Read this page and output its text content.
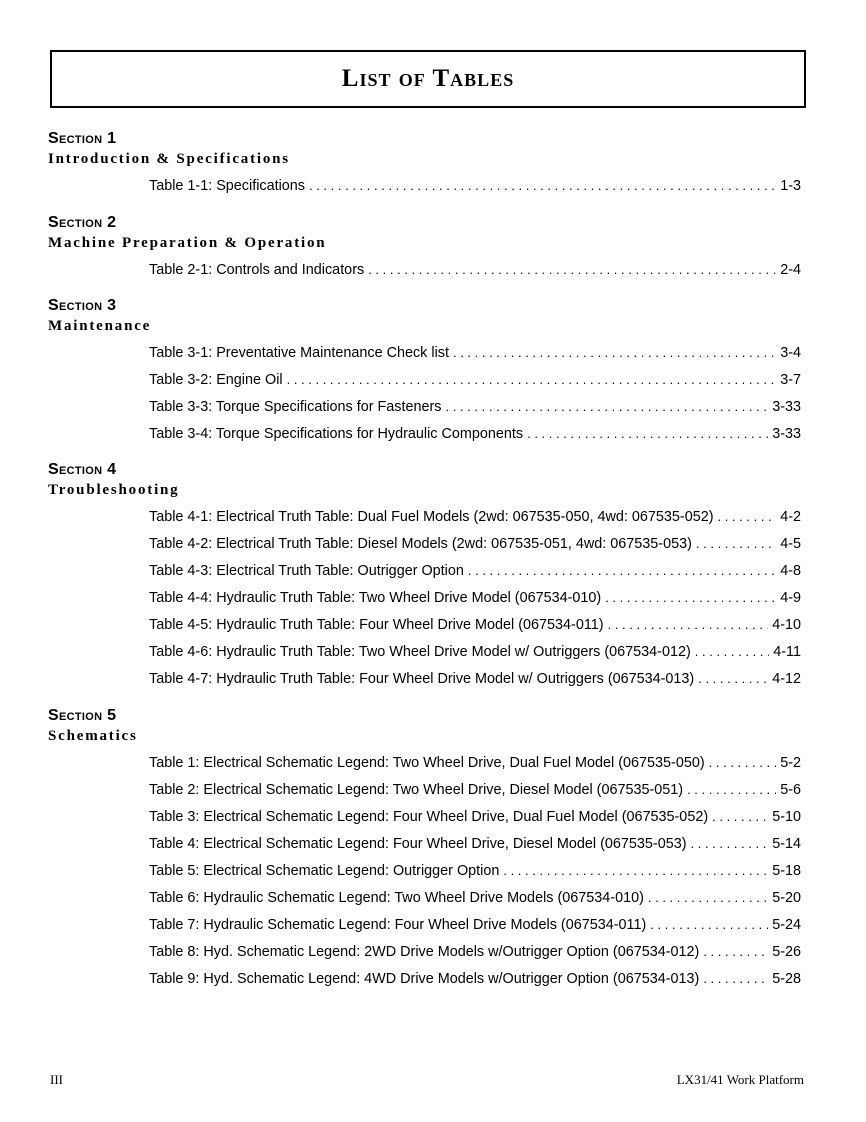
List of Tables
Section 1
Introduction & Specifications
Table 1-1: Specifications . . .	1-3
Section 2
Machine Preparation & Operation
Table 2-1: Controls and Indicators . . .	2-4
Section 3
Maintenance
Table 3-1: Preventative Maintenance Check list . . .	3-4
Table 3-2: Engine Oil . . .	3-7
Table 3-3: Torque Specifications for Fasteners . . .	3-33
Table 3-4: Torque Specifications for Hydraulic Components . . .	3-33
Section 4
Troubleshooting
Table 4-1: Electrical Truth Table: Dual Fuel Models (2wd: 067535-050, 4wd: 067535-052) . . .	4-2
Table 4-2: Electrical Truth Table: Diesel Models (2wd: 067535-051, 4wd: 067535-053) . . .	4-5
Table 4-3: Electrical Truth Table: Outrigger Option . . .	4-8
Table 4-4: Hydraulic Truth Table: Two Wheel Drive Model (067534-010) . . .	4-9
Table 4-5: Hydraulic Truth Table: Four Wheel Drive Model (067534-011) . . .	4-10
Table 4-6: Hydraulic Truth Table: Two Wheel Drive Model w/ Outriggers (067534-012) . . .	4-11
Table 4-7: Hydraulic Truth Table: Four Wheel Drive Model w/ Outriggers (067534-013) . . .	4-12
Section 5
Schematics
Table 1: Electrical Schematic Legend: Two Wheel Drive, Dual Fuel Model (067535-050) . . .	5-2
Table 2: Electrical Schematic Legend: Two Wheel Drive, Diesel Model (067535-051) . . .	5-6
Table 3: Electrical Schematic Legend: Four Wheel Drive, Dual Fuel Model (067535-052) . . .	5-10
Table 4: Electrical Schematic Legend: Four Wheel Drive, Diesel Model (067535-053) . . .	5-14
Table 5: Electrical Schematic Legend: Outrigger Option . . .	5-18
Table 6: Hydraulic Schematic Legend: Two Wheel Drive Models (067534-010) . . .	5-20
Table 7: Hydraulic Schematic Legend: Four Wheel Drive Models (067534-011) . . .	5-24
Table 8: Hyd. Schematic Legend: 2WD Drive Models w/Outrigger Option (067534-012) . . .	5-26
Table 9: Hyd. Schematic Legend: 4WD Drive Models w/Outrigger Option (067534-013) . . .	5-28
III	LX31/41 Work Platform
